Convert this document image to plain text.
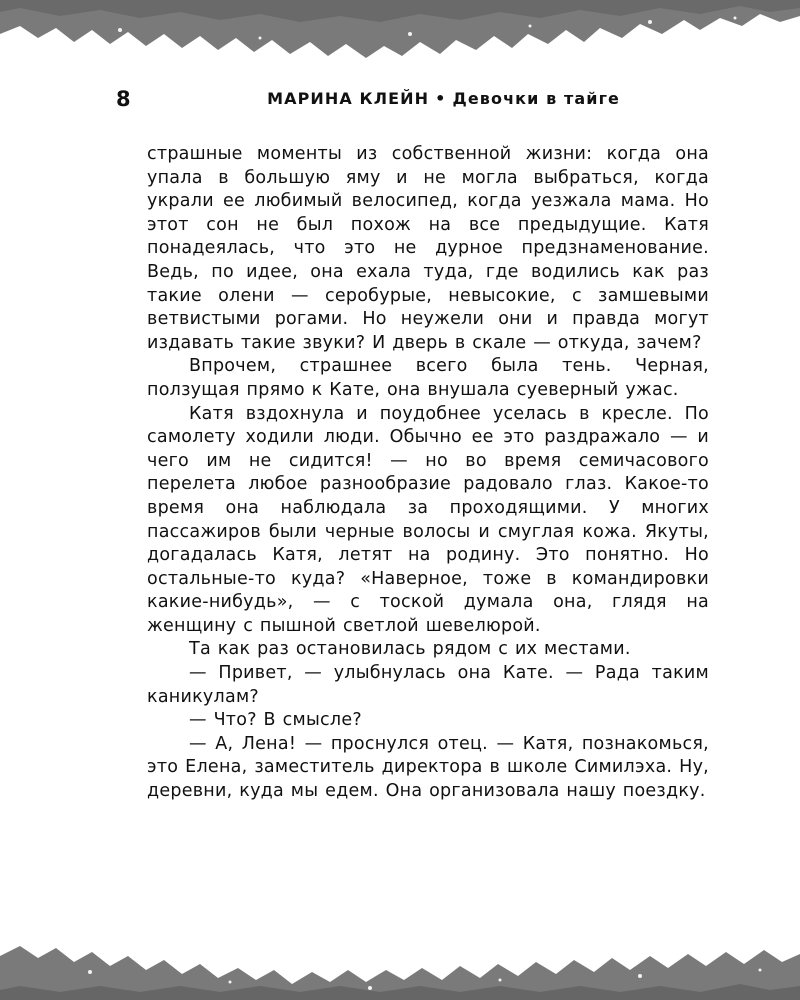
8	МАРИНА КЛЕЙН • Девочки в тайге

страшные моменты из собственной жизни: когда она упала в большую яму и не могла выбраться, когда украли ее любимый велосипед, когда уезжала мама. Но этот сон не был похож на все предыдущие. Катя понадеялась, что это не дурное предзнаменование. Ведь, по идее, она ехала туда, где водились как раз такие олени — серобурые, невысокие, с замшевыми ветвистыми рогами. Но неужели они и правда могут издавать такие звуки? И дверь в скале — откуда, зачем?

Впрочем, страшнее всего была тень. Черная, ползущая прямо к Кате, она внушала суеверный ужас.

Катя вздохнула и поудобнее уселась в кресле. По самолету ходили люди. Обычно ее это раздражало — и чего им не сидится! — но во время семичасового перелета любое разнообразие радовало глаз. Какое-то время она наблюдала за проходящими. У многих пассажиров были черные волосы и смуглая кожа. Якуты, догадалась Катя, летят на родину. Это понятно. Но остальные-то куда? «Наверное, тоже в командировки какие-нибудь», — с тоской думала она, глядя на женщину с пышной светлой шевелюрой.

Та как раз остановилась рядом с их местами.

— Привет, — улыбнулась она Кате. — Рада таким каникулам?

— Что? В смысле?

— А, Лена! — проснулся отец. — Катя, познакомься, это Елена, заместитель директора в школе Симилэха. Ну, деревни, куда мы едем. Она организовала нашу поездку.
